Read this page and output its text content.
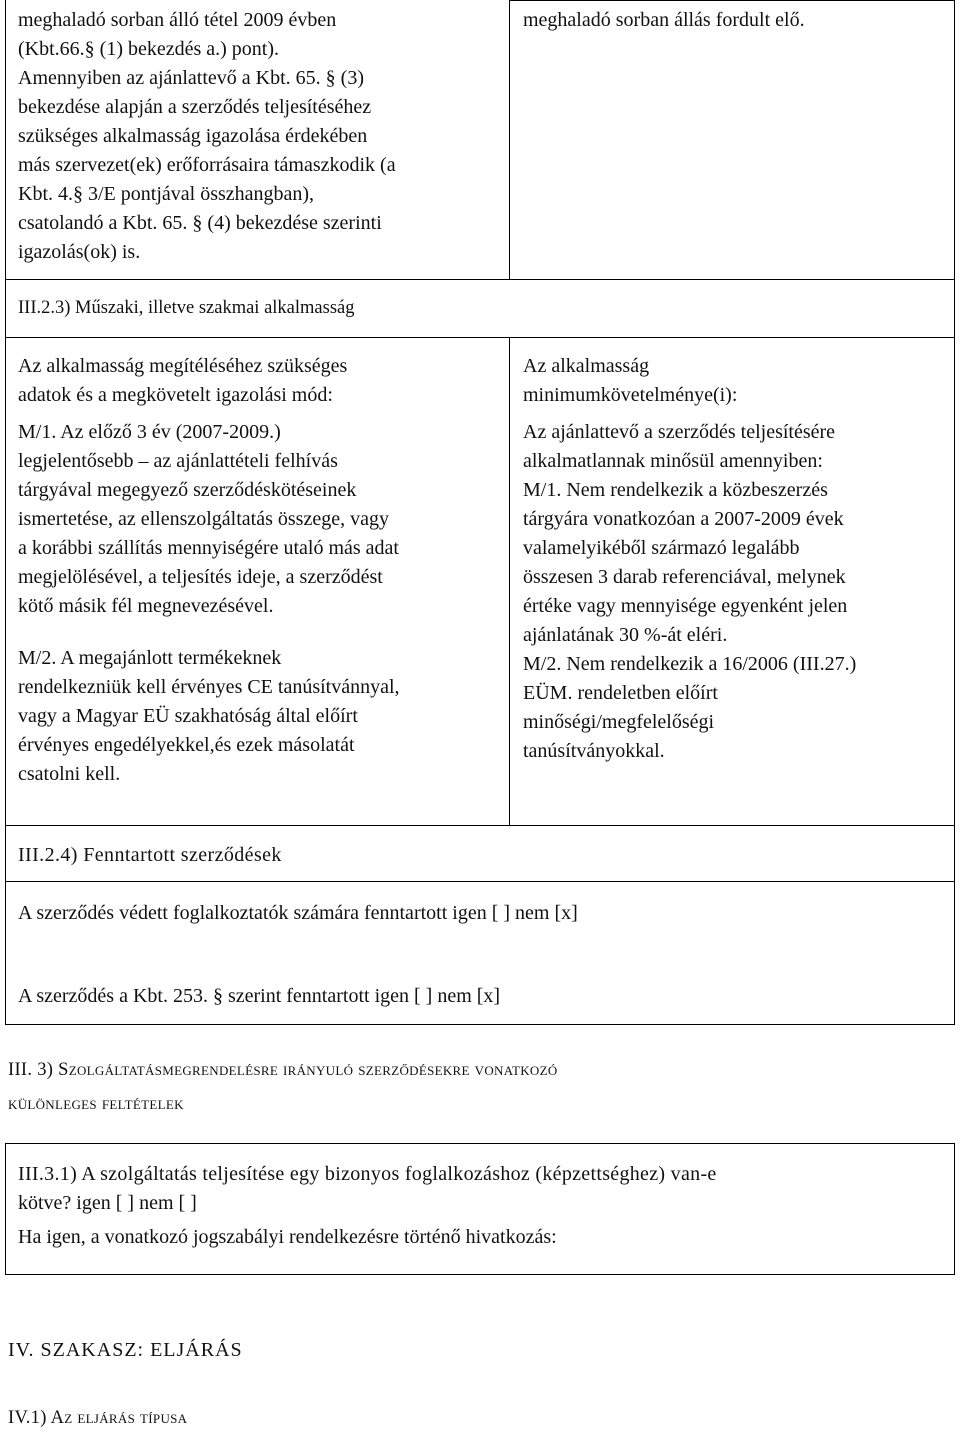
meghaladó sorban álló tétel 2009 évben
(Kbt.66.§ (1) bekezdés a.) pont).
Amennyiben az ajánlattevő a Kbt. 65. § (3)
bekezdése alapján a szerződés teljesítéséhez
szükséges alkalmasság igazolása érdekében
más szervezet(ek) erőforrásaira támaszkodik (a
Kbt. 4.§ 3/E pontjával összhangban),
csatolandó a Kbt. 65. § (4) bekezdése szerinti
igazolás(ok) is.
meghaladó sorban állás fordult elő.
III.2.3) Műszaki, illetve szakmai alkalmasság
Az alkalmasság megítéléséhez szükséges
adatok és a megkövetelt igazolási mód:
M/1. Az előző 3 év (2007-2009.)
legjelentősebb – az ajánlattételi felhívás
tárgyával megegyező szerződéskötéseinek
ismertetése, az ellenszolgáltatás összege, vagy
a korábbi szállítás mennyiségére utaló más adat
megjelölésével, a teljesítés ideje, a szerződést
kötő másik fél megnevezésével.
M/2. A megajánlott termékeknek
rendelkezniük kell érvényes CE tanúsítvánnyal,
vagy a Magyar EÜ szakhatóság által előírt
érvényes engedélyekkel,és ezek másolatát
csatolni kell.
Az alkalmasság
minimumkövetelménye(i):
Az ajánlattevő a szerződés teljesítésére
alkalmatlannak minősül amennyiben:
M/1. Nem rendelkezik a közbeszerzés
tárgyára vonatkozóan a 2007-2009 évek
valamelyikéből származó legalább
összesen 3 darab referenciával, melynek
értéke vagy mennyisége egyenként jelen
ajánlatának 30 %-át eléri.
M/2. Nem rendelkezik a 16/2006 (III.27.)
EÜM. rendeletben előírt
minőségi/megfelelőségi
tanúsítványokkal.
III.2.4) Fenntartott szerződések
A szerződés védett foglalkoztatók számára fenntartott igen [ ] nem [x]
A szerződés a Kbt. 253. § szerint fenntartott igen [ ] nem [x]
III. 3) Szolgáltatásmegrendelésre irányuló szerződésekre vonatkozó
különleges feltételek
III.3.1) A szolgáltatás teljesítése egy bizonyos foglalkozáshoz (képzettséghez) van-e
kötve? igen [ ] nem [ ]
Ha igen, a vonatkozó jogszabályi rendelkezésre történő hivatkozás:
IV. SZAKASZ: ELJÁRÁS
IV.1) Az eljárás típusa
